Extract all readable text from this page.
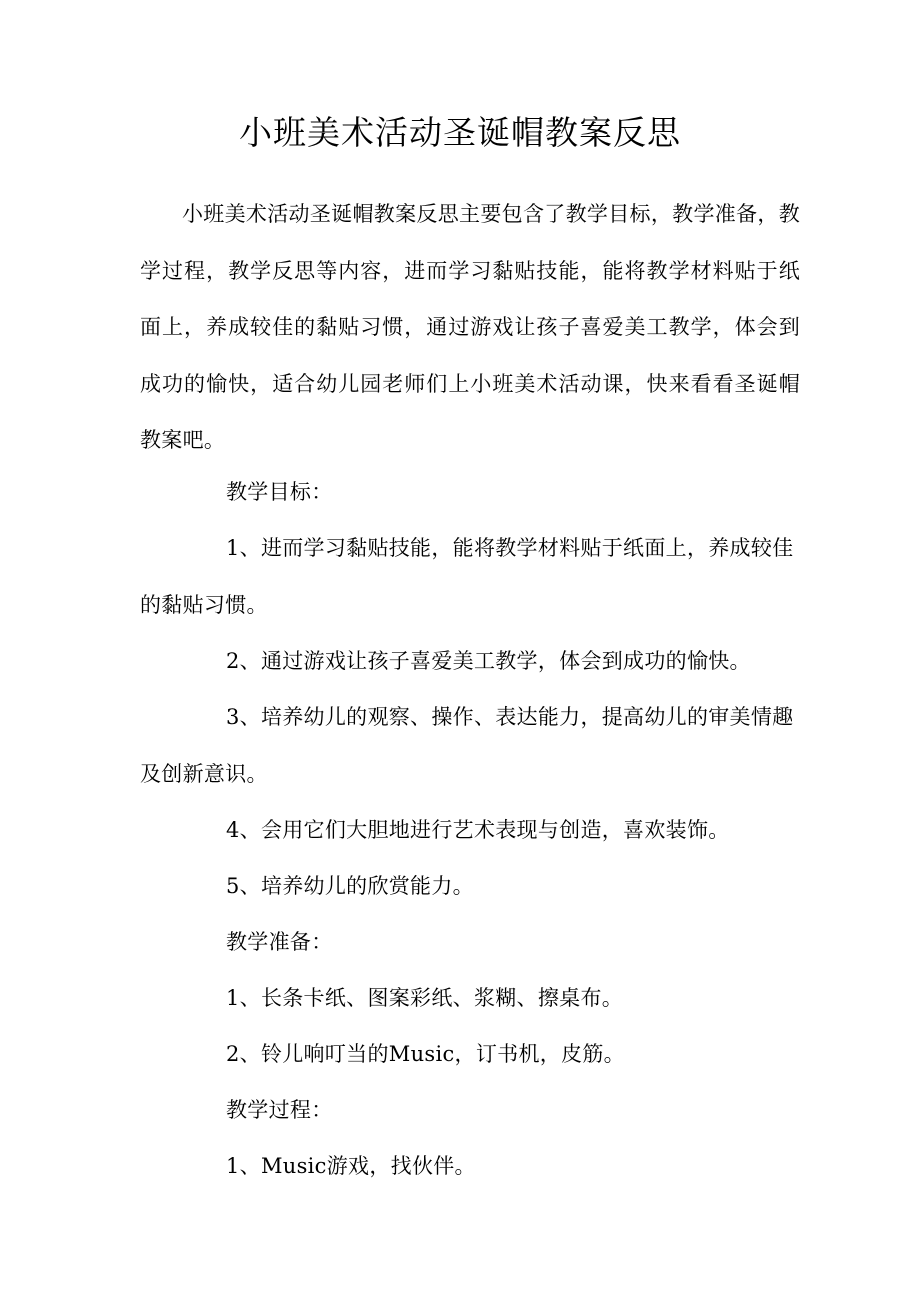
小班美术活动圣诞帽教案反思

小班美术活动圣诞帽教案反思主要包含了教学目标，教学准备，教学过程，教学反思等内容，进而学习黏贴技能，能将教学材料贴于纸面上，养成较佳的黏贴习惯，通过游戏让孩子喜爱美工教学，体会到成功的愉快，适合幼儿园老师们上小班美术活动课，快来看看圣诞帽教案吧。

教学目标：

1、进而学习黏贴技能，能将教学材料贴于纸面上，养成较佳的黏贴习惯。

2、通过游戏让孩子喜爱美工教学，体会到成功的愉快。

3、培养幼儿的观察、操作、表达能力，提高幼儿的审美情趣及创新意识。

4、会用它们大胆地进行艺术表现与创造，喜欢装饰。

5、培养幼儿的欣赏能力。

教学准备：

1、长条卡纸、图案彩纸、浆糊、擦桌布。

2、铃儿响叮当的Music，订书机，皮筋。

教学过程：

1、Music游戏，找伙伴。
